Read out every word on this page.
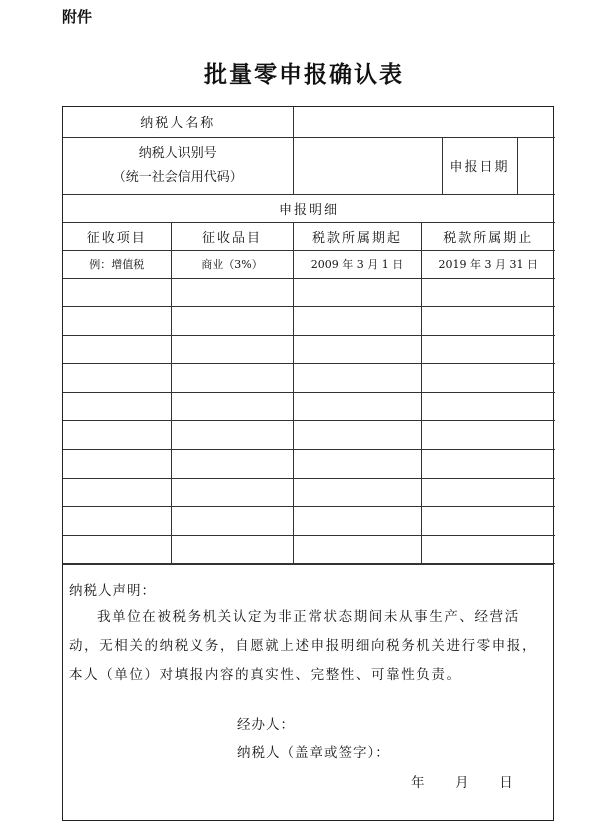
附件
批量零申报确认表
纳税人名称			

纳税人识别号
（统一社会信用代码）		申报日期	

申报明细			
征收项目	征收品目	税款所属期起	税款所属期止
例：增值税	商业（3%）	2009 年 3 月 1 日	2019 年 3 月 31 日

纳税人声明：
我单位在被税务机关认定为非正常状态期间未从事生产、经营活动，无相关的纳税义务，自愿就上述申报明细向税务机关进行零申报，本人（单位）对填报内容的真实性、完整性、可靠性负责。
经办人：
纳税人（盖章或签字）：
年 月 日
